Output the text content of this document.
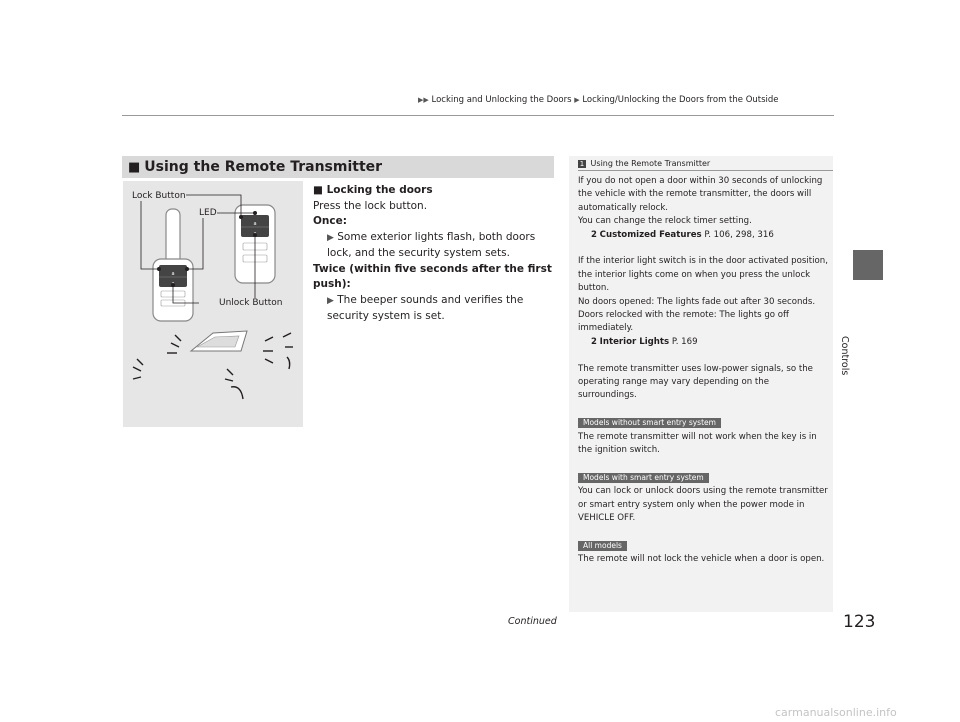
▶▶ Locking and Unlocking the Doors ▶ Locking/Unlocking the Doors from the Outside
Controls
■ Using the Remote Transmitter
a
a
Lock Button
LED
Unlock Button
■ Locking the doors
Press the lock button.
Once:
▶ Some exterior lights flash, both doors lock, and the security system sets.
Twice (within five seconds after the first push):
▶ The beeper sounds and verifies the security system is set.
1 Using the Remote Transmitter

If you do not open a door within 30 seconds of unlocking the vehicle with the remote transmitter, the doors will automatically relock.

You can change the relock timer setting.

2 Customized Features P. 106, 298, 316

If the interior light switch is in the door activated position, the interior lights come on when you press the unlock button.

No doors opened: The lights fade out after 30 seconds.

Doors relocked with the remote: The lights go off immediately.

2 Interior Lights P. 169

The remote transmitter uses low-power signals, so the operating range may vary depending on the surroundings.

Models without smart entry system

The remote transmitter will not work when the key is in the ignition switch.

Models with smart entry system

You can lock or unlock doors using the remote transmitter or smart entry system only when the power mode in VEHICLE OFF.

All models

The remote will not lock the vehicle when a door is open.

Continued	123
carmanualsonline.info
